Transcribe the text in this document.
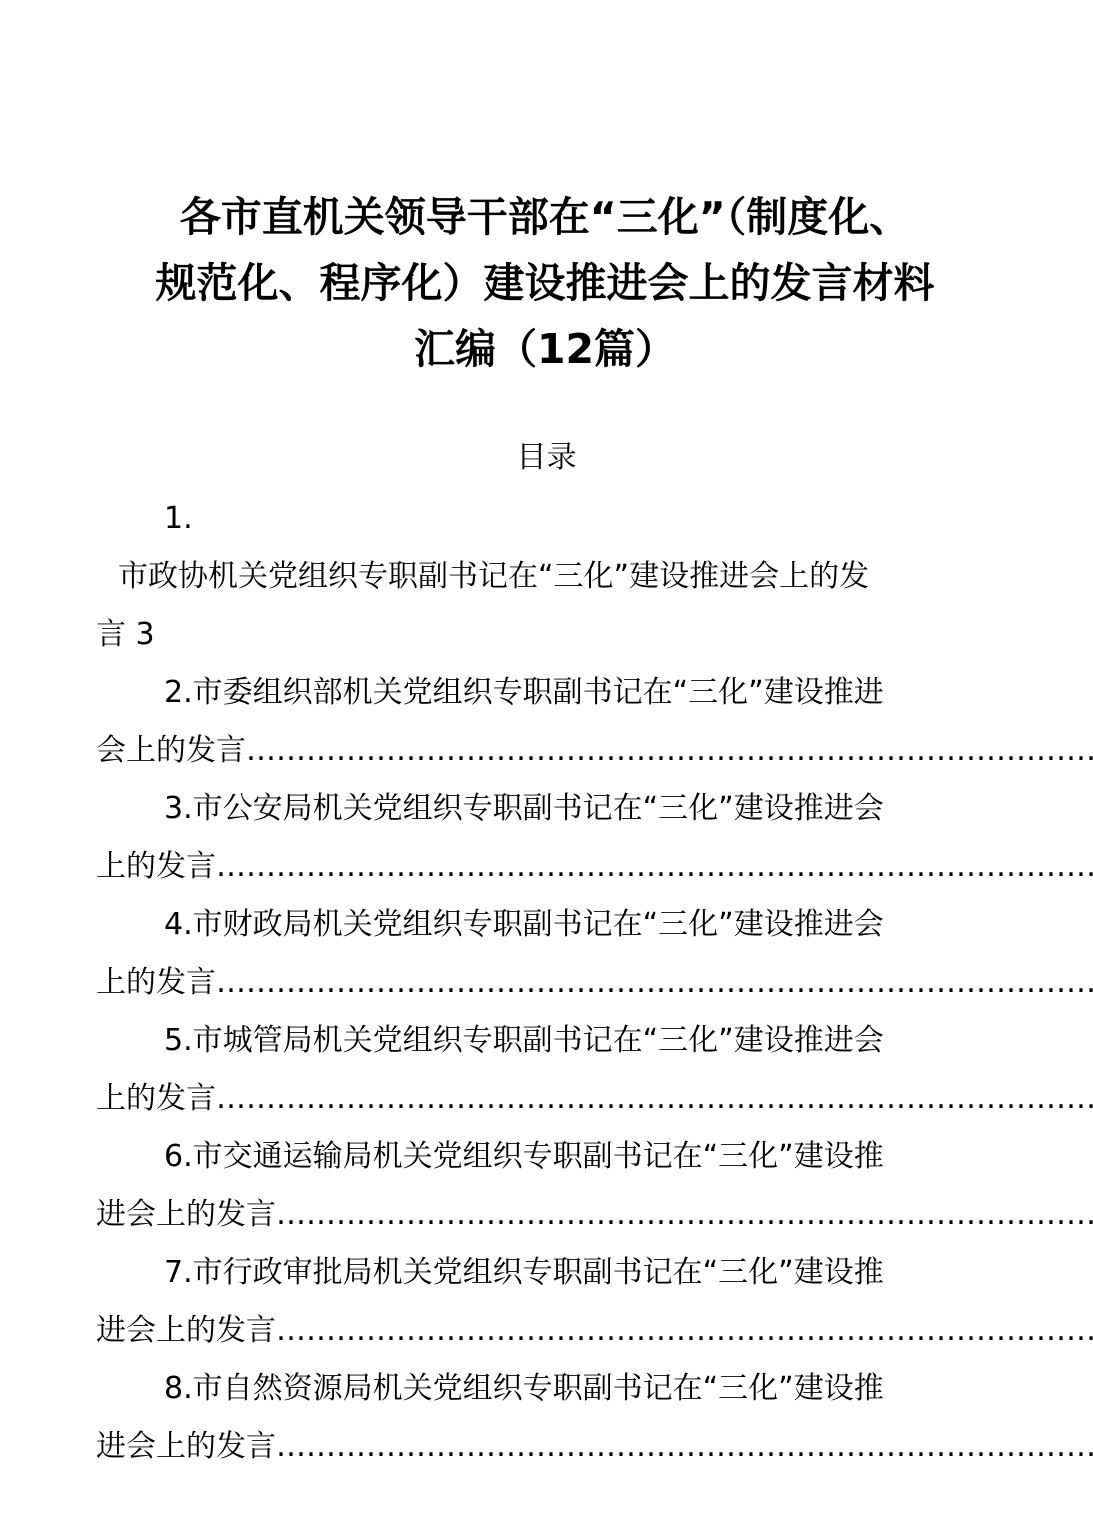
各市直机关领导干部在“三化”（制度化、
规范化、程序化）建设推进会上的发言材料
汇编（12篇）
目录
1.
市政协机关党组织专职副书记在“三化”建设推进会上的发
言 3
2.市委组织部机关党组织专职副书记在“三化”建设推进
会上的发言
……………………………………………………………………………………………………………………………………………………
3.市公安局机关党组织专职副书记在“三化”建设推进会
上的发言
……………………………………………………………………………………………………………………………………………………
4.市财政局机关党组织专职副书记在“三化”建设推进会
上的发言
……………………………………………………………………………………………………………………………………………………
5.市城管局机关党组织专职副书记在“三化”建设推进会
上的发言
……………………………………………………………………………………………………………………………………………………
6.市交通运输局机关党组织专职副书记在“三化”建设推
进会上的发言
……………………………………………………………………………………………………………………………………………………
7.市行政审批局机关党组织专职副书记在“三化”建设推
进会上的发言
……………………………………………………………………………………………………………………………………………………
8.市自然资源局机关党组织专职副书记在“三化”建设推
进会上的发言
……………………………………………………………………………………………………………………………………………………
